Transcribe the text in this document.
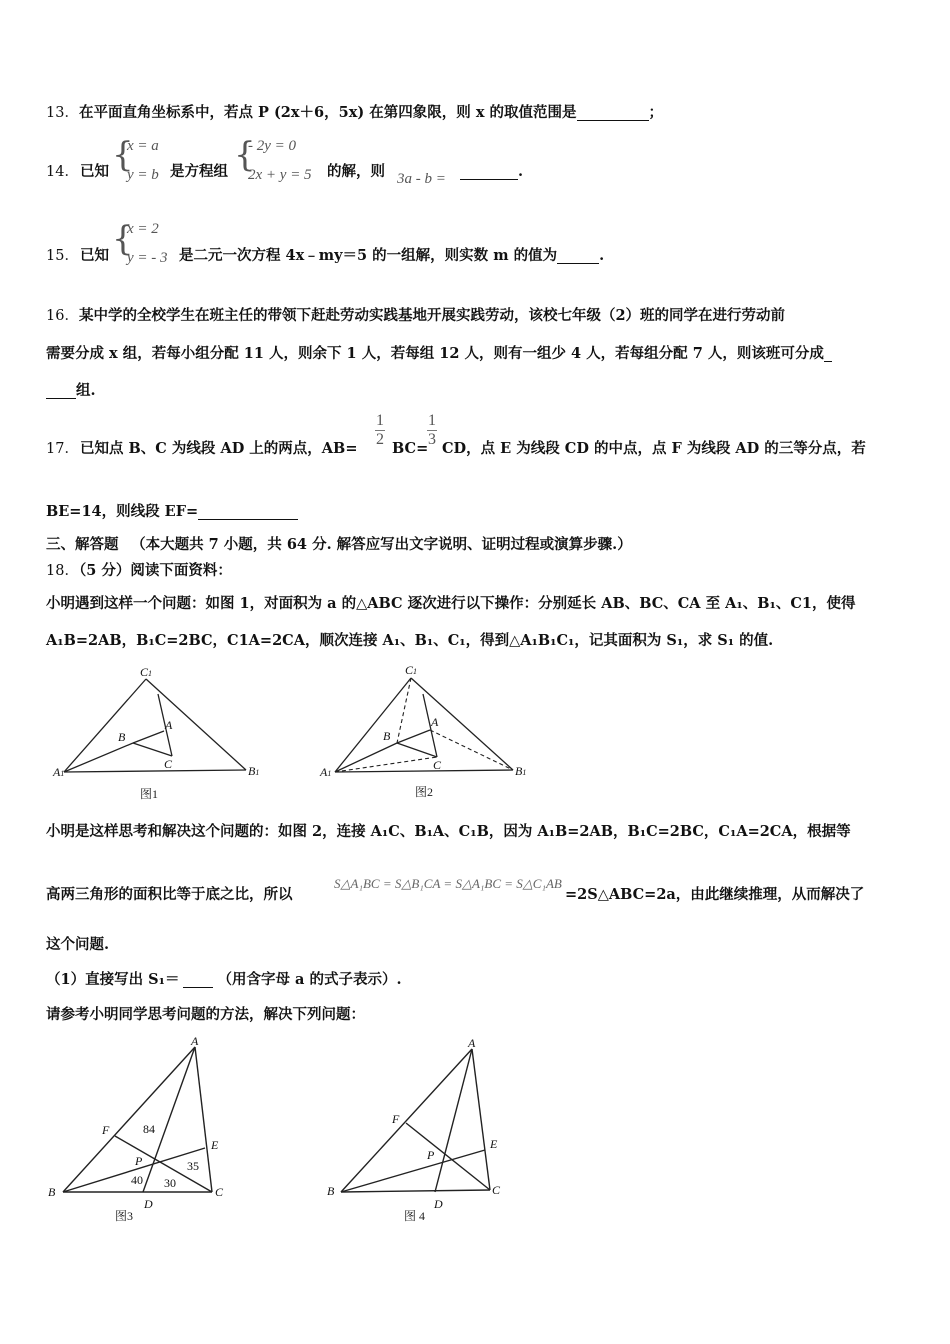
13．在平面直角坐标系中，若点 P (2x＋6，5x) 在第四象限，则 x 的取值范围是	；
14． 已知 {
x = a
y = b 是方程组 {
- 2y = 0
2x + y = 5 的解，则 3a - b =	.
15． 已知 {
x = 2
y = - 3 是二元一次方程 4x﹣my＝5 的一组解，则实数 m 的值为	.
16．某中学的全校学生在班主任的带领下赶赴劳动实践基地开展实践劳动，该校七年级（2）班的同学在进行劳动前
需要分成 x 组，若每小组分配 11 人，则余下 1 人，若每组 12 人，则有一组少 4 人，若每组分配 7 人，则该班可分成
组.
17． 已知点 B、C 为线段 AD 上的两点，AB=
1
2
BC=
1
3
CD，点 E 为线段 CD 的中点，点 F 为线段 AD 的三等分点，若
BE=14，则线段 EF=
三、解答题 （本大题共 7 小题，共 64 分. 解答应写出文字说明、证明过程或演算步骤.）
18．（5 分）阅读下面资料：
小明遇到这样一个问题：如图 1，对面积为 a 的△ABC 逐次进行以下操作：分别延长 AB、BC、CA 至 A₁、B₁、C1，使得
A₁B=2AB，B₁C=2BC，C1A=2CA，顺次连接 A₁、B₁、C₁，得到△A₁B₁C₁，记其面积为 S₁，求 S₁ 的值.
C1
A
B
C
A1	B1
图1
C1
A
B
C
A1	B1
图2
小明是这样思考和解决这个问题的：如图 2，连接 A₁C、B₁A、C₁B，因为 A₁B=2AB，B₁C=2BC，C₁A=2CA，根据等
高两三角形的面积比等于底之比，所以
S△A₁BC = S△B₁CA = S△A₁BC = S△C₁AB
=2S△ABC=2a，由此继续推理，从而解决了
这个问题.
（1）直接写出 S₁＝	（用含字母 a 的式子表示）.
请参考小明同学思考问题的方法，解决下列问题：
A
F
E
P
B	C
D
84
35
40 30
图3
A
F
E
P
B	C
D
图 4
